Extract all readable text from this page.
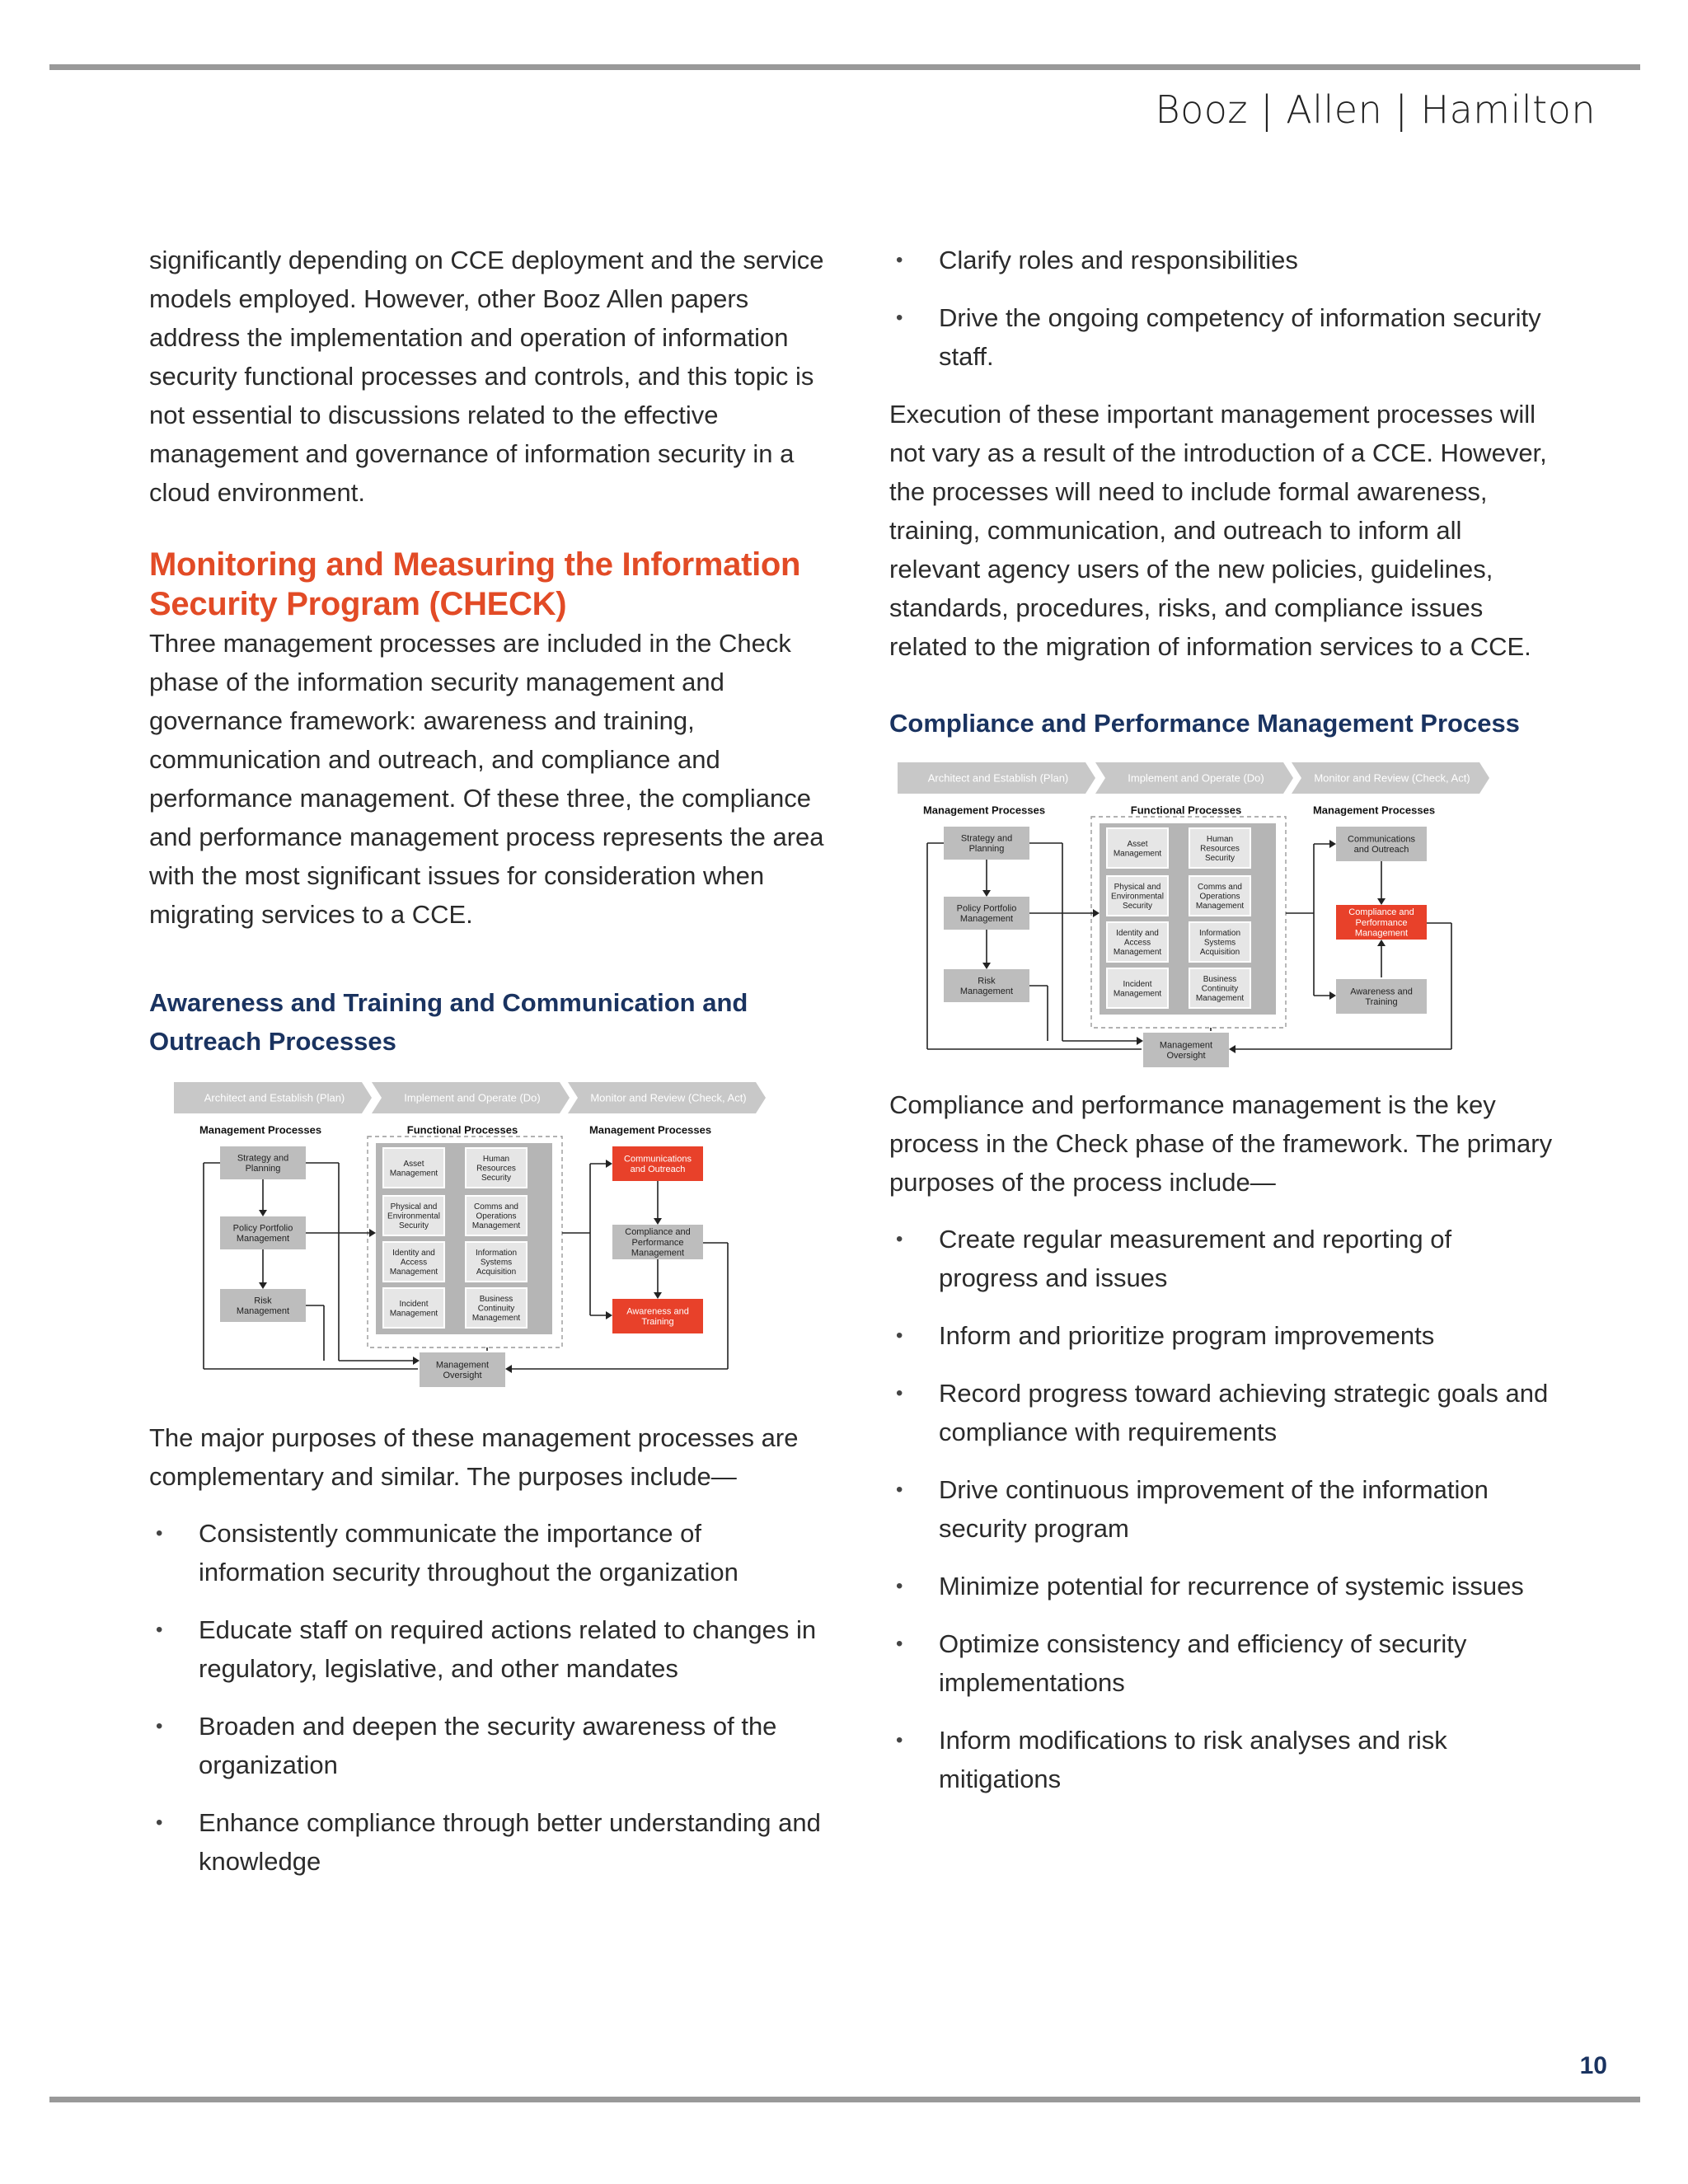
Booz | Allen | Hamilton

significantly depending on CCE deployment and the service models employed. However, other Booz Allen papers address the implementation and operation of information security functional processes and controls, and this topic is not essential to discussions related to the effective management and governance of information security in a cloud environment.

Monitoring and Measuring the Information Security Program (CHECK)

Three management processes are included in the Check phase of the information security management and governance framework: awareness and training, communication and outreach, and compliance and performance management. Of these three, the compliance and performance management process represents the area with the most significant issues for consideration when migrating services to a CCE.

Awareness and Training and Communication and Outreach Processes
Architect and Establish (Plan)	Implement and Operate (Do)	Monitor and Review (Check, Act)
Management Processes	Functional Processes	Management Processes
Strategy and Planning
Policy Portfolio Management
Risk Management
Asset Management
Human Resources Security
Physical and Environmental Security
Comms and Operations Management
Identity and Access Management
Information Systems Acquisition
Incident Management
Business Continuity Management
Communications and Outreach
Compliance and Performance Management
Awareness and Training
Management Oversight

The major purposes of these management processes are complementary and similar. The purposes include—

• Consistently communicate the importance of information security throughout the organization
• Educate staff on required actions related to changes in regulatory, legislative, and other mandates
• Broaden and deepen the security awareness of the organization
• Enhance compliance through better understanding and knowledge
• Clarify roles and responsibilities
• Drive the ongoing competency of information security staff.

Execution of these important management processes will not vary as a result of the introduction of a CCE. However, the processes will need to include formal awareness, training, communication, and outreach to inform all relevant agency users of the new policies, guidelines, standards, procedures, risks, and compliance issues related to the migration of information services to a CCE.

Compliance and Performance Management Process
Architect and Establish (Plan)	Implement and Operate (Do)	Monitor and Review (Check, Act)
Management Processes	Functional Processes	Management Processes
Strategy and Planning
Policy Portfolio Management
Risk Management
Asset Management
Human Resources Security
Physical and Environmental Security
Comms and Operations Management
Identity and Access Management
Information Systems Acquisition
Incident Management
Business Continuity Management
Communications and Outreach
Compliance and Performance Management
Awareness and Training
Management Oversight

Compliance and performance management is the key process in the Check phase of the framework. The primary purposes of the process include—

• Create regular measurement and reporting of progress and issues
• Inform and prioritize program improvements
• Record progress toward achieving strategic goals and compliance with requirements
• Drive continuous improvement of the information security program
• Minimize potential for recurrence of systemic issues
• Optimize consistency and efficiency of security implementations
• Inform modifications to risk analyses and risk mitigations
10
